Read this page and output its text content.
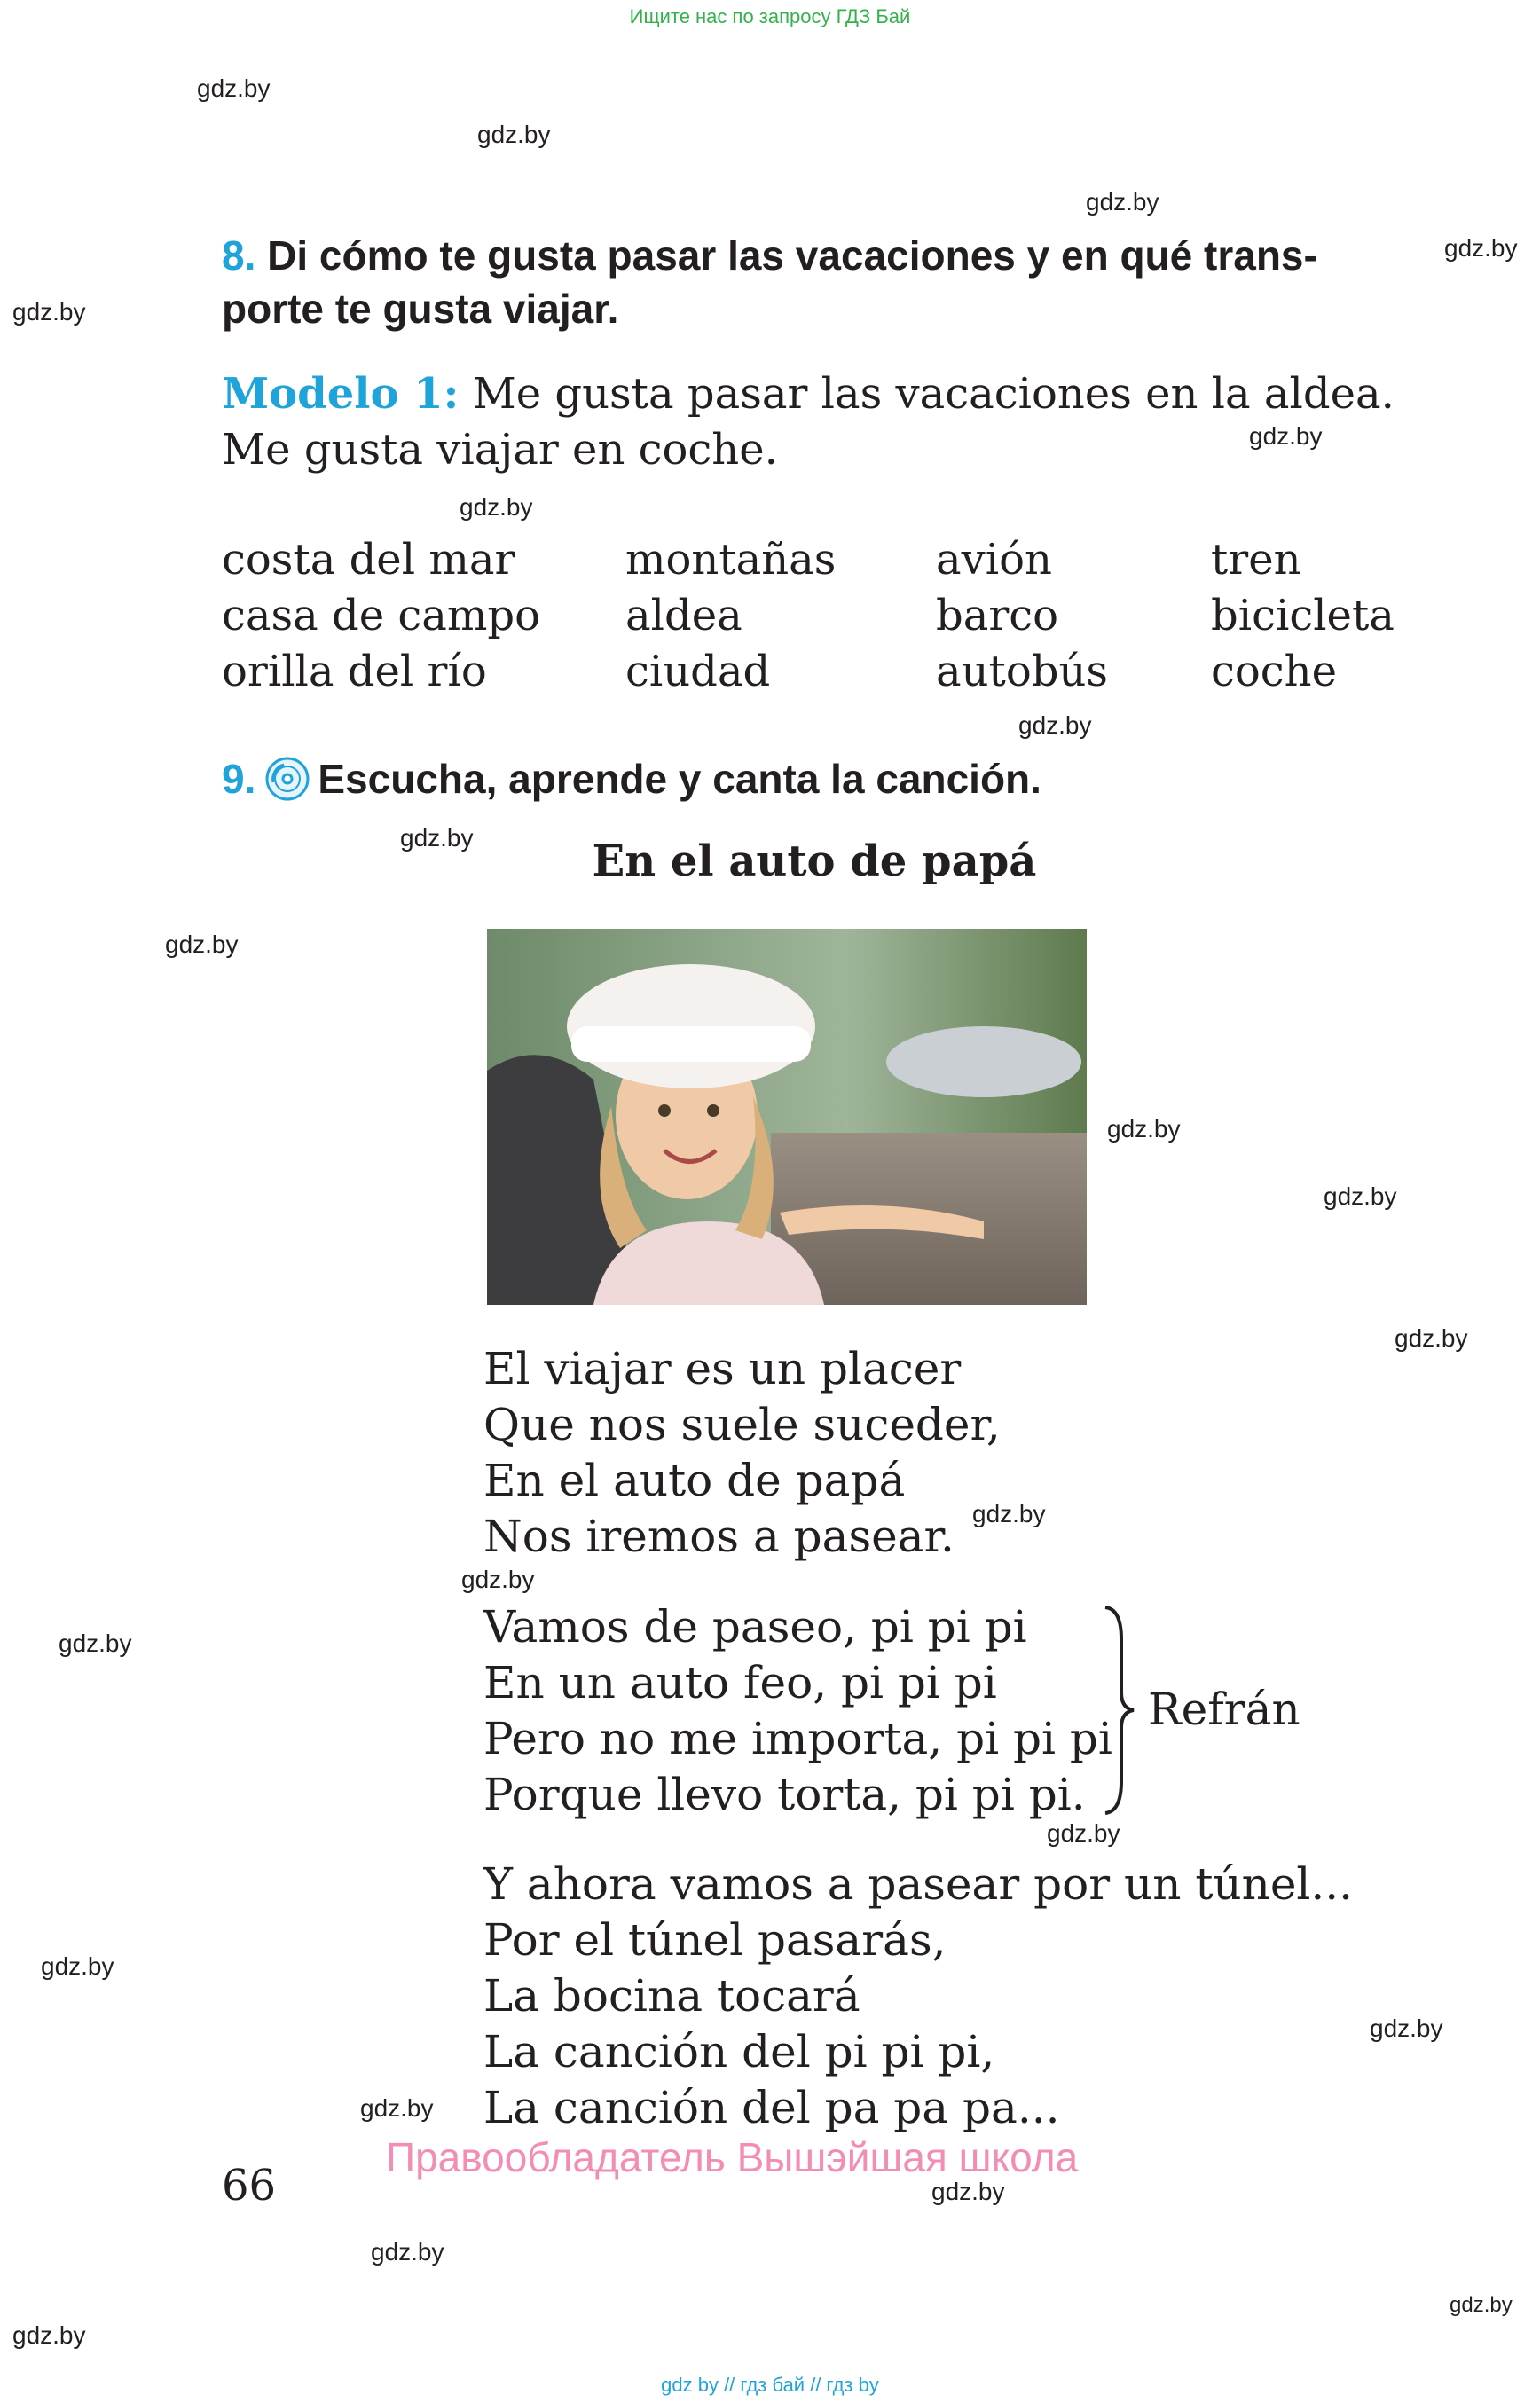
Ищите нас по запросу ГДЗ Бай
gdz.by
gdz.by
gdz.by
gdz.by
gdz.by
gdz.by
gdz.by
gdz.by
gdz.by
gdz.by
gdz.by
gdz.by
gdz.by
gdz.by
gdz.by
gdz.by
gdz.by
gdz.by
gdz.by
gdz.by
gdz.by
gdz.by
gdz.by
gdz.by
8. Di cómo te gusta pasar las vacaciones y en qué trans-
porte te gusta viajar.
Modelo 1: Me gusta pasar las vacaciones en la aldea.
Me gusta viajar en coche.
costa del mar	montañas	avión	tren
casa de campo	aldea	barco	bicicleta
orilla del río	ciudad	autobús	coche
9. Escucha, aprende y canta la canción.
En el auto de papá
El viajar es un placer
Que nos suele suceder,
En el auto de papá
Nos iremos a pasear.
Vamos de paseo, pi pi pi
En un auto feo, pi pi pi
Pero no me importa, pi pi pi
Porque llevo torta, pi pi pi.
Refrán
Y ahora vamos a pasear por un túnel...
Por el túnel pasarás,
La bocina tocará
La canción del pi pi pi,
La canción del pa pa pa...
66
Правообладатель Вышэйшая школа
gdz by // гдз бай // гдз by
